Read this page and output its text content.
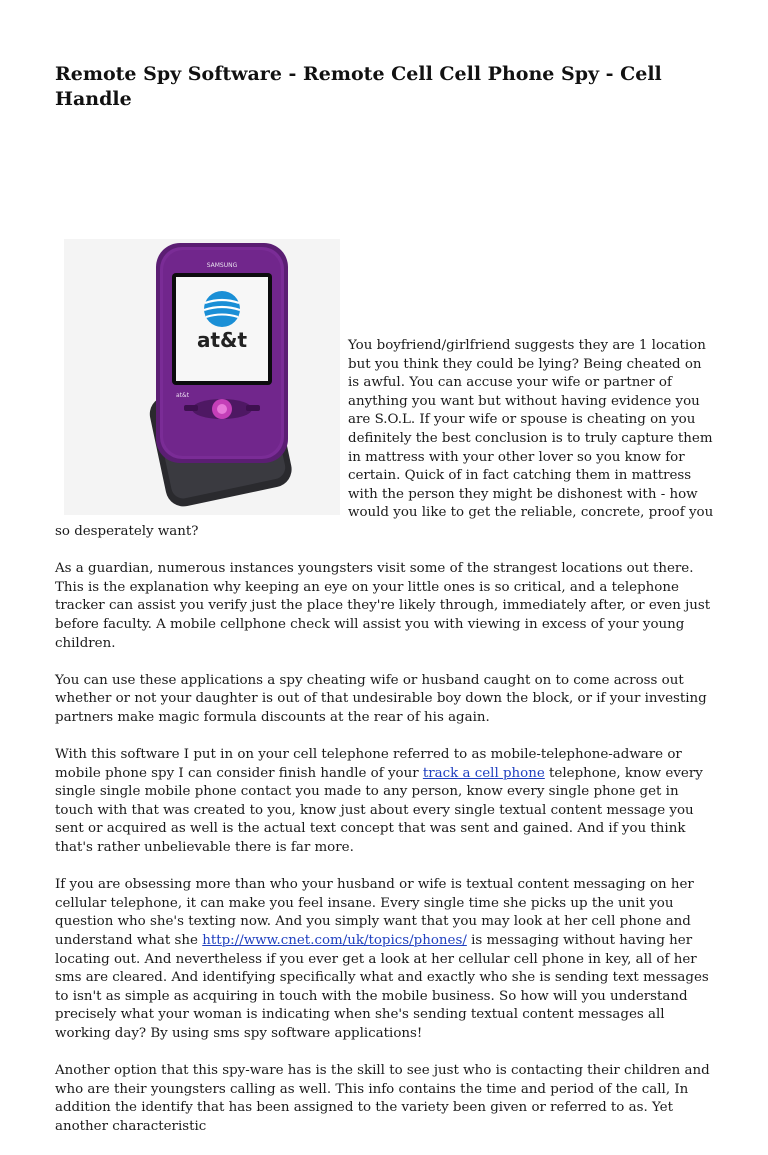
Remote Spy Software - Remote Cell Cell Phone Spy - Cell Handle
SAMSUNG
at&t
at&t

You boyfriend/girlfriend suggests they are 1 location but you think they could be lying? Being cheated on is awful. You can accuse your wife or partner of anything you want but without having evidence you are S.O.L. If your wife or spouse is cheating on you definitely the best conclusion is to truly capture them in mattress with your other lover so you know for certain. Quick of in fact catching them in mattress with the person they might be dishonest with - how would you like to get the reliable, concrete, proof you so desperately want?

As a guardian, numerous instances youngsters visit some of the strangest locations out there. This is the explanation why keeping an eye on your little ones is so critical, and a telephone tracker can assist you verify just the place they're likely through, immediately after, or even just before faculty. A mobile cellphone check will assist you with viewing in excess of your young children.

You can use these applications a spy cheating wife or husband caught on to come across out whether or not your daughter is out of that undesirable boy down the block, or if your investing partners make magic formula discounts at the rear of his again.

With this software I put in on your cell telephone referred to as mobile-telephone-adware or mobile phone spy I can consider finish handle of your track a cell phone telephone, know every single single mobile phone contact you made to any person, know every single phone get in touch with that was created to you, know just about every single textual content message you sent or acquired as well is the actual text concept that was sent and gained. And if you think that's rather unbelievable there is far more.

If you are obsessing more than who your husband or wife is textual content messaging on her cellular telephone, it can make you feel insane. Every single time she picks up the unit you question who she's texting now. And you simply want that you may look at her cell phone and understand what she http://www.cnet.com/uk/topics/phones/ is messaging without having her locating out. And nevertheless if you ever get a look at her cellular cell phone in key, all of her sms are cleared. And identifying specifically what and exactly who she is sending text messages to isn't as simple as acquiring in touch with the mobile business. So how will you understand precisely what your woman is indicating when she's sending textual content messages all working day? By using sms spy software applications!

Another option that this spy-ware has is the skill to see just who is contacting their children and who are their youngsters calling as well. This info contains the time and period of the call, In addition the identify that has been assigned to the variety been given or referred to as. Yet another characteristic
